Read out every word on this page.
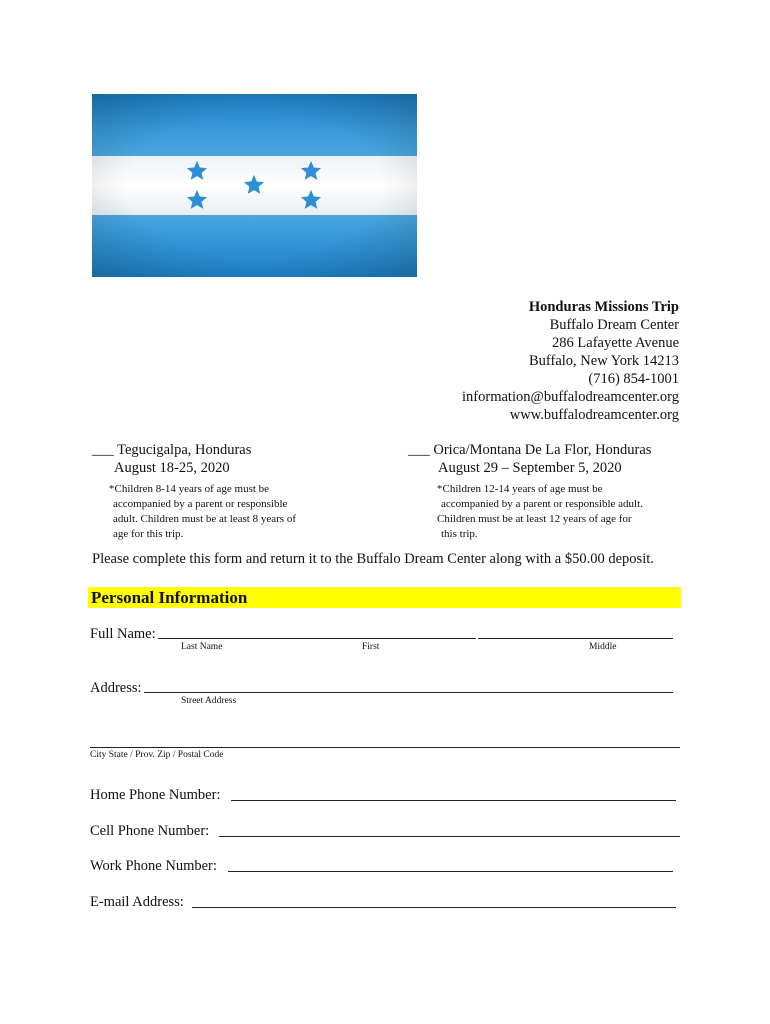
Honduras Missions Trip
Buffalo Dream Center
286 Lafayette Avenue
Buffalo, New York 14213
(716) 854-1001
information@buffalodreamcenter.org
www.buffalodreamcenter.org
___ Tegucigalpa, Honduras
August 18-25, 2020
*Children 8-14 years of age must be
accompanied by a parent or responsible
adult. Children must be at least 8 years of
age for this trip.
___ Orica/Montana De La Flor, Honduras
August 29 – September 5, 2020
*Children 12-14 years of age must be
accompanied by a parent or responsible adult.
Children must be at least 12 years of age for
this trip.
Please complete this form and return it to the Buffalo Dream Center along with a $50.00 deposit.
Personal Information
Full Name:
Last Name	First	Middle
Address:
Street Address
City State / Prov. Zip / Postal Code
Home Phone Number:
Cell Phone Number:
Work Phone Number:
E-mail Address:
